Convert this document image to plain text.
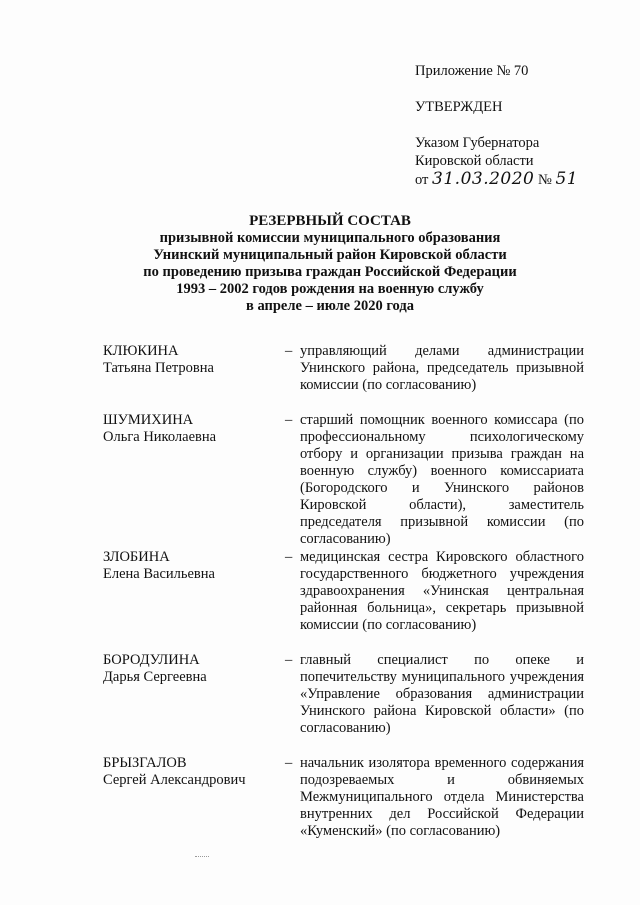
Приложение № 70
УТВЕРЖДЕН
Указом Губернатора
Кировской области
от 31.03.2020 № 51
РЕЗЕРВНЫЙ СОСТАВ
призывной комиссии муниципального образования
Унинский муниципальный район Кировской области
по проведению призыва граждан Российской Федерации
1993 – 2002 годов рождения на военную службу
в апреле – июле 2020 года
КЛЮКИНА
Татьяна Петровна
– управляющий делами администрации Унинского района, председатель призывной комиссии (по согласованию)
ШУМИХИНА
Ольга Николаевна
– старший помощник военного комиссара (по профессиональному психологическому отбору и организации призыва граждан на военную службу) военного комиссариата (Богородского и Унинского районов Кировской области), заместитель председателя призывной комиссии (по согласованию)
ЗЛОБИНА
Елена Васильевна
– медицинская сестра Кировского областного государственного бюджетного учреждения здравоохранения «Унинская центральная районная больница», секретарь призывной комиссии (по согласованию)
БОРОДУЛИНА
Дарья Сергеевна
– главный специалист по опеке и попечительству муниципального учреждения «Управление образования администрации Унинского района Кировской области» (по согласованию)
БРЫЗГАЛОВ
Сергей Александрович
– начальник изолятора временного содержания подозреваемых и обвиняемых Межмуниципального отдела Министерства внутренних дел Российской Федерации «Куменский» (по согласованию)
